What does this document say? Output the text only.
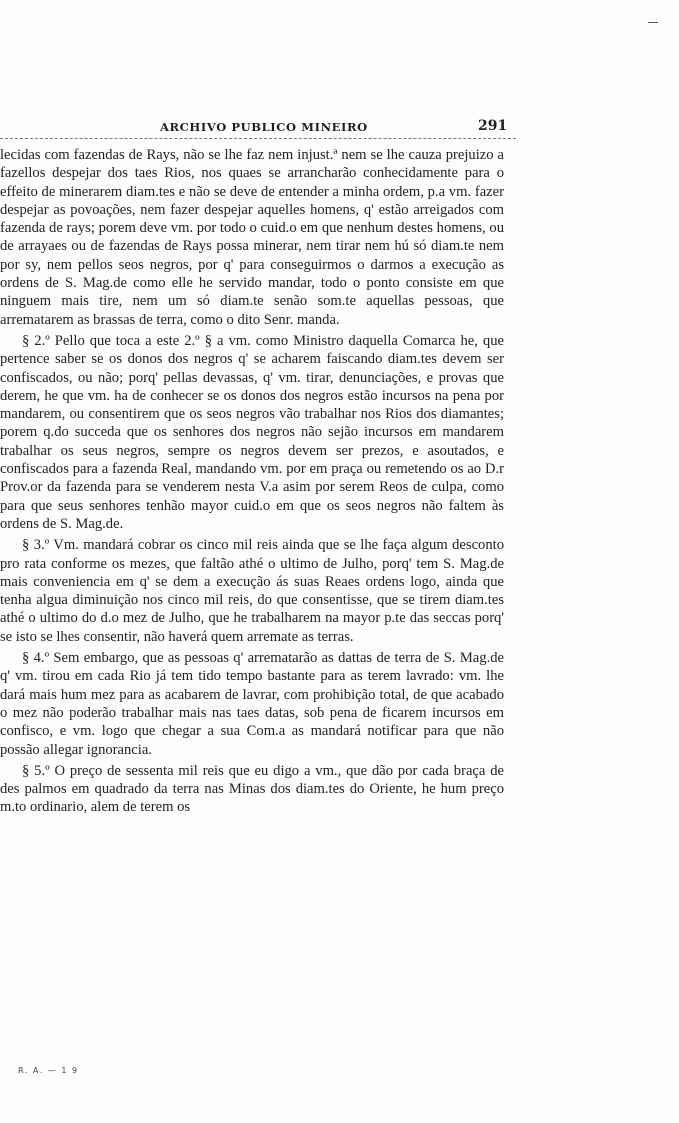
ARCHIVO PUBLICO MINEIRO	291

lecidas com fazendas de Rays, não se lhe faz nem injust.ª nem se lhe cauza prejuizo a fazellos despejar dos taes Rios, nos quaes se arrancharão conhecidamente para o effeito de minerarem diam.tes e não se deve de entender a minha ordem, p.a vm. fazer despejar as povoações, nem fazer despejar aquelles homens, q' estão arreigados com fazenda de rays; porem deve vm. por todo o cuid.o em que nenhum destes homens, ou de arrayaes ou de fazendas de Rays possa minerar, nem tirar nem hú só diam.te nem por sy, nem pellos seos negros, por q' para conseguirmos o darmos a execução as ordens de S. Mag.de como elle he servido mandar, todo o ponto consiste em que ninguem mais tire, nem um só diam.te senão som.te aquellas pessoas, que arrematarem as brassas de terra, como o dito Senr. manda.

§ 2.º Pello que toca a este 2.º § a vm. como Ministro daquella Comarca he, que pertence saber se os donos dos negros q' se acharem faiscando diam.tes devem ser confiscados, ou não; porq' pellas devassas, q' vm. tirar, denunciações, e provas que derem, he que vm. ha de conhecer se os donos dos negros estão incursos na pena por mandarem, ou consentirem que os seos negros vão trabalhar nos Rios dos diamantes; porem q.do succeda que os senhores dos negros não sejão incursos em mandarem trabalhar os seus negros, sempre os negros devem ser prezos, e asoutados, e confiscados para a fazenda Real, mandando vm. por em praça ou remetendo os ao D.r Prov.or da fazenda para se venderem nesta V.a asim por serem Reos de culpa, como para que seus senhores tenhão mayor cuid.o em que os seos negros não faltem às ordens de S. Mag.de.

§ 3.º Vm. mandará cobrar os cinco mil reis ainda que se lhe faça algum desconto pro rata conforme os mezes, que faltão athé o ultimo de Julho, porq' tem S. Mag.de mais conveniencia em q' se dem a execução ás suas Reaes ordens logo, ainda que tenha algua diminuição nos cinco mil reis, do que consentisse, que se tirem diam.tes athé o ultimo do d.o mez de Julho, que he trabalharem na mayor p.te das seccas porq' se isto se lhes consentir, não haverá quem arremate as terras.

§ 4.º Sem embargo, que as pessoas q' arrematarão as dattas de terra de S. Mag.de q' vm. tirou em cada Rio já tem tido tempo bastante para as terem lavrado: vm. lhe dará mais hum mez para as acabarem de lavrar, com prohibição total, de que acabado o mez não poderão trabalhar mais nas taes datas, sob pena de ficarem incursos em confisco, e vm. logo que chegar a sua Com.a as mandará notificar para que não possão allegar ignorancia.

§ 5.º O preço de sessenta mil reis que eu digo a vm., que dão por cada braça de des palmos em quadrado da terra nas Minas dos diam.tes do Oriente, he hum preço m.to ordinario, alem de terem os

R. A. — 1 9
